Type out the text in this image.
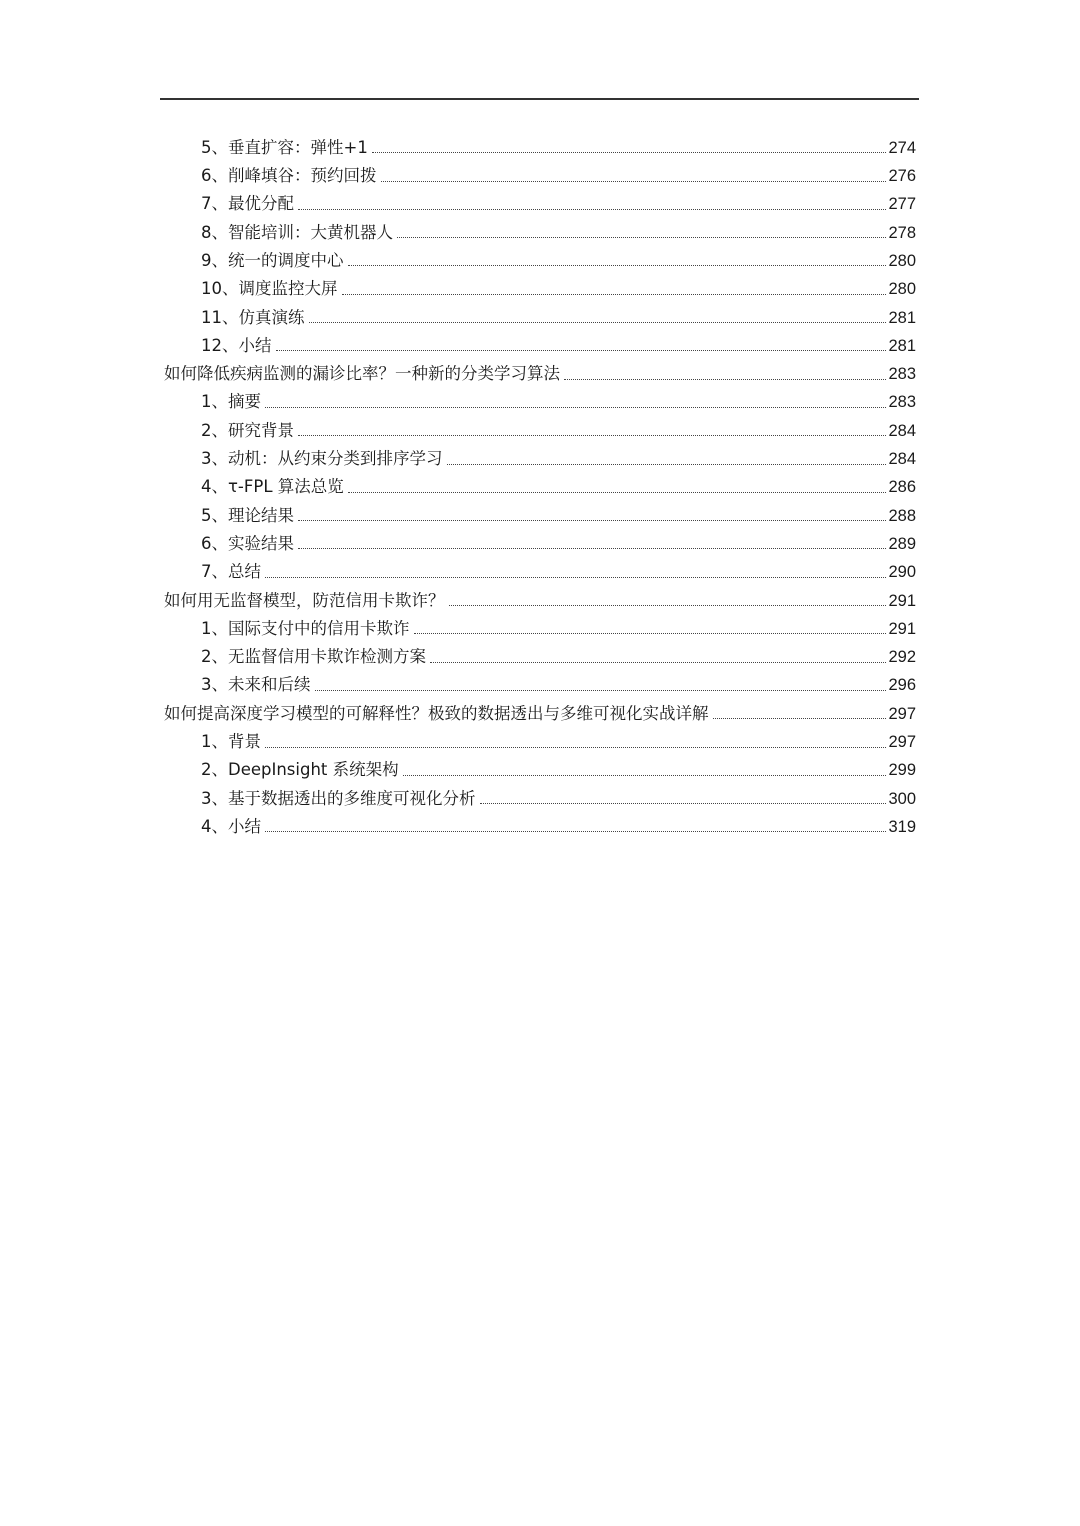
5、垂直扩容：弹性+1	274
6、削峰填谷：预约回拨	276
7、最优分配	277
8、智能培训：大黄机器人	278
9、统一的调度中心	280
10、调度监控大屏	280
11、仿真演练	281
12、小结	281
如何降低疾病监测的漏诊比率？一种新的分类学习算法	283
1、摘要	283
2、研究背景	284
3、动机：从约束分类到排序学习	284
4、τ-FPL 算法总览	286
5、理论结果	288
6、实验结果	289
7、总结	290
如何用无监督模型，防范信用卡欺诈？	291
1、国际支付中的信用卡欺诈	291
2、无监督信用卡欺诈检测方案	292
3、未来和后续	296
如何提高深度学习模型的可解释性？极致的数据透出与多维可视化实战详解	297
1、背景	297
2、DeepInsight 系统架构	299
3、基于数据透出的多维度可视化分析	300
4、小结	319
